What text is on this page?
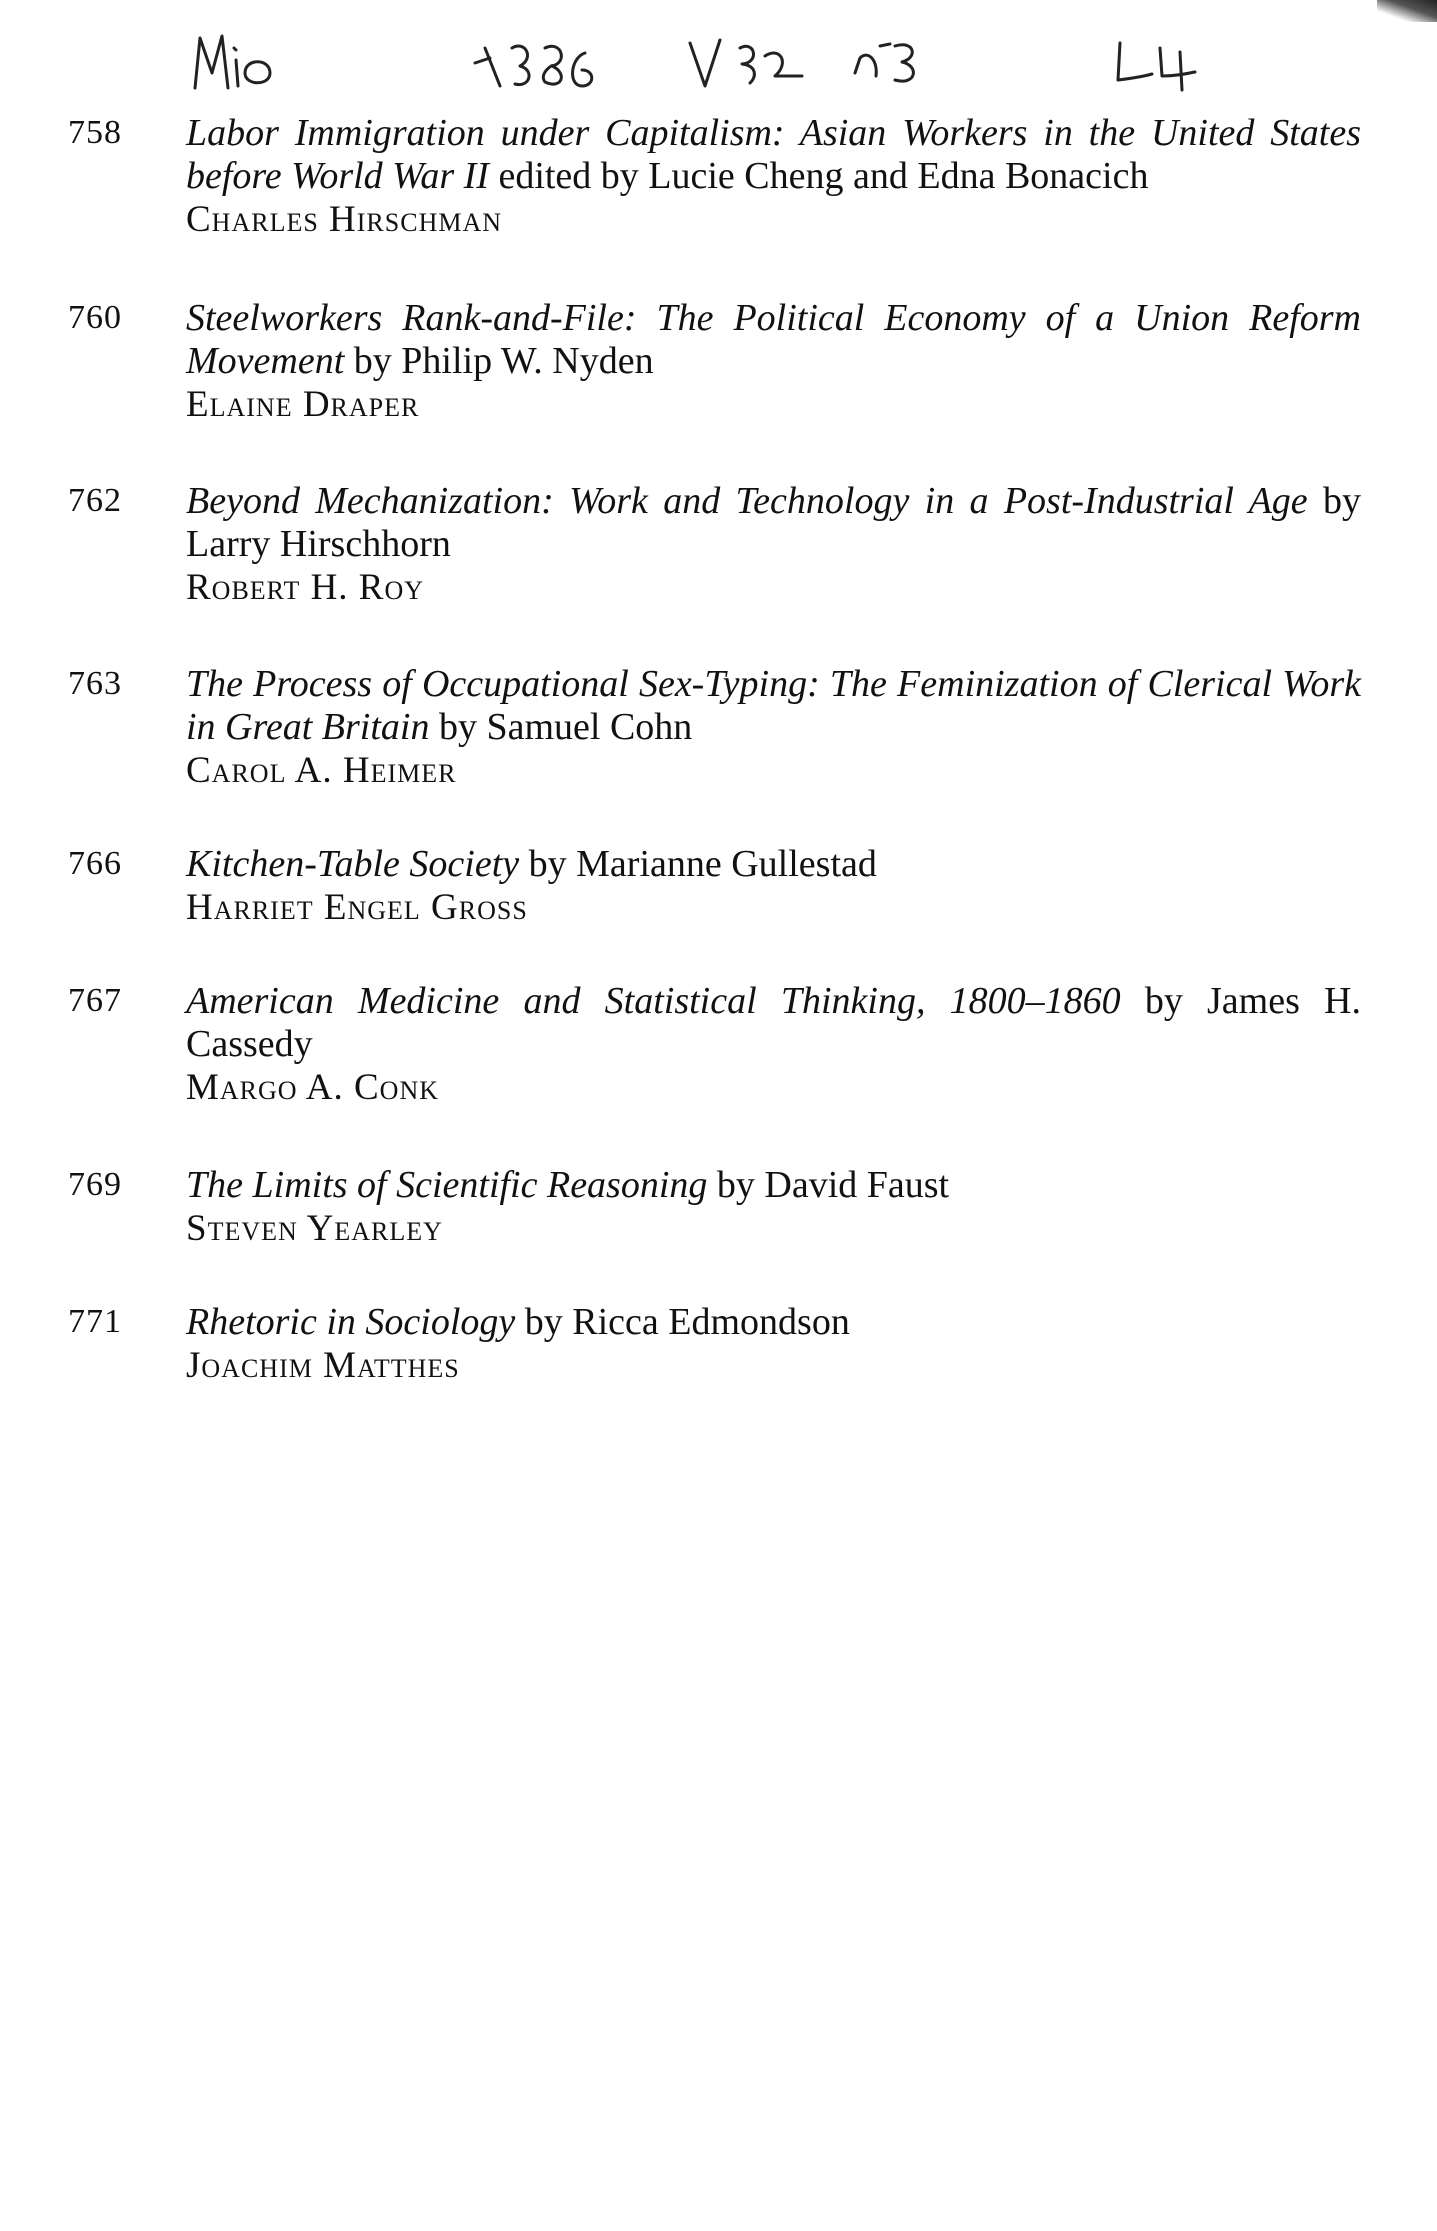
758 Labor Immigration under Capitalism: Asian Workers in the United States before World War II edited by Lucie Cheng and Edna Bonacich
Charles Hirschman
760 Steelworkers Rank-and-File: The Political Economy of a Union Reform Movement by Philip W. Nyden
Elaine Draper
762 Beyond Mechanization: Work and Technology in a Post-Industrial Age by Larry Hirschhorn
Robert H. Roy
763 The Process of Occupational Sex-Typing: The Feminization of Clerical Work in Great Britain by Samuel Cohn
Carol A. Heimer
766 Kitchen-Table Society by Marianne Gullestad
Harriet Engel Gross
767 American Medicine and Statistical Thinking, 1800–1860 by James H. Cassedy
Margo A. Conk
769 The Limits of Scientific Reasoning by David Faust
Steven Yearley
771 Rhetoric in Sociology by Ricca Edmondson
Joachim Matthes
